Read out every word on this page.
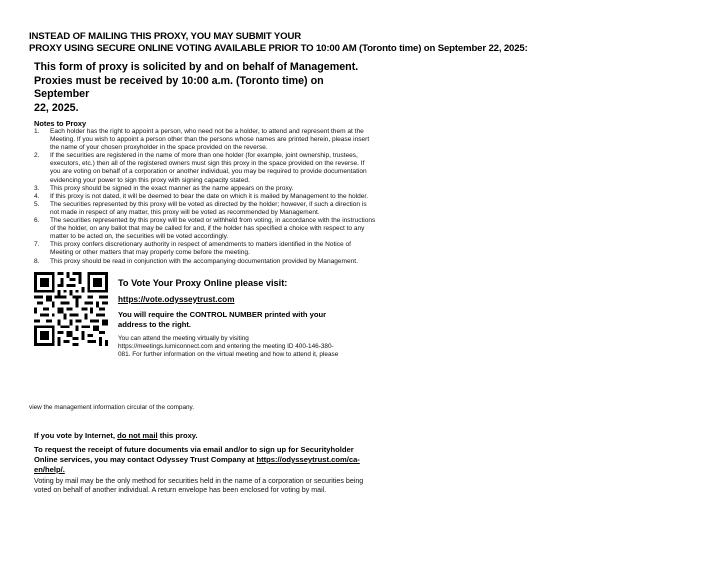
INSTEAD OF MAILING THIS PROXY, YOU MAY SUBMIT YOUR
PROXY USING SECURE ONLINE VOTING AVAILABLE PRIOR TO 10:00 AM (Toronto time) on September 22, 2025:
This form of proxy is solicited by and on behalf of Management.
Proxies must be received by 10:00 a.m. (Toronto time) on September
22, 2025.
Notes to Proxy
1.	Each holder has the right to appoint a person, who need not be a holder, to attend and represent them at the Meeting. If you wish to appoint a person other than the persons whose names are printed herein, please insert the name of your chosen proxyholder in the space provided on the reverse.
2.	If the securities are registered in the name of more than one holder (for example, joint ownership, trustees, executors, etc.) then all of the registered owners must sign this proxy in the space provided on the reverse. If you are voting on behalf of a corporation or another individual, you may be required to provide documentation evidencing your power to sign this proxy with signing capacity stated.
3.	This proxy should be signed in the exact manner as the name appears on the proxy.
4.	If this proxy is not dated, it will be deemed to bear the date on which it is mailed by Management to the holder.
5.	The securities represented by this proxy will be voted as directed by the holder; however, if such a direction is not made in respect of any matter, this proxy will be voted as recommended by Management.
6.	The securities represented by this proxy will be voted or withheld from voting, in accordance with the instructions of the holder, on any ballot that may be called for and, if the holder has specified a choice with respect to any matter to be acted on, the securities will be voted accordingly.
7.	This proxy confers discretionary authority in respect of amendments to matters identified in the Notice of Meeting or other matters that may properly come before the meeting.
8.	This proxy should be read in conjunction with the accompanying documentation provided by Management.
To Vote Your Proxy Online please visit:
https://vote.odysseytrust.com
You will require the CONTROL NUMBER printed with your
address to the right.
You can attend the meeting virtually by visiting
https://meetings.lumiconnect.com and entering the meeting ID 400-146-380-
081. For further information on the virtual meeting and how to attend it, please
view the management information circular of the company.
If you vote by Internet, do not mail this proxy.
To request the receipt of future documents via email and/or to sign up for Securityholder Online services, you may contact Odyssey Trust Company at https://odysseytrust.com/ca-en/help/.
Voting by mail may be the only method for securities held in the name of a corporation or securities being voted on behalf of another individual. A return envelope has been enclosed for voting by mail.
